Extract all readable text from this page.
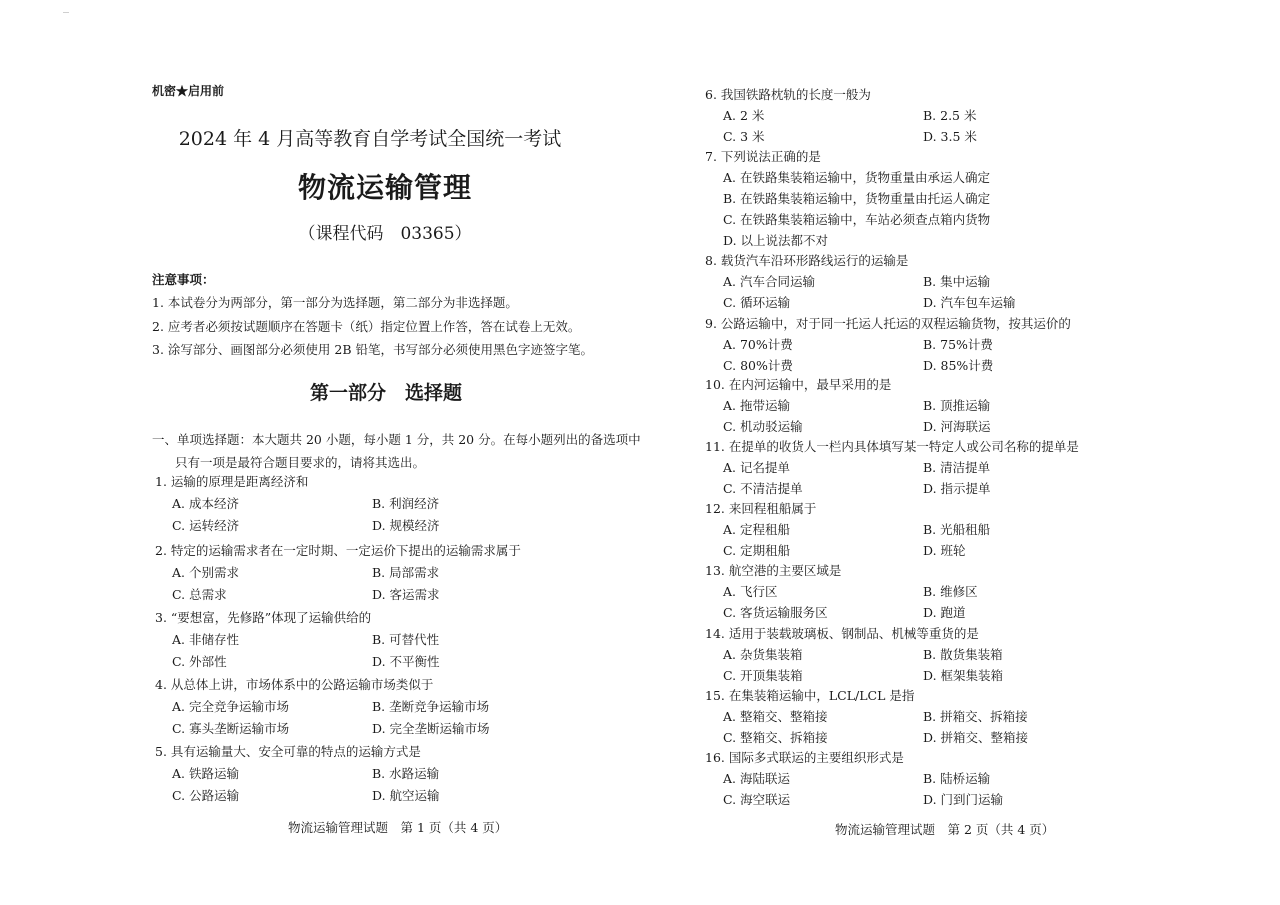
机密★启用前
2024 年 4 月高等教育自学考试全国统一考试
物流运输管理
（课程代码　03365）
注意事项：
1. 本试卷分为两部分，第一部分为选择题，第二部分为非选择题。
2. 应考者必须按试题顺序在答题卡（纸）指定位置上作答，答在试卷上无效。
3. 涂写部分、画图部分必须使用 2B 铅笔，书写部分必须使用黑色字迹签字笔。
第一部分　选择题
一、单项选择题：本大题共 20 小题，每小题 1 分，共 20 分。在每小题列出的备选项中
只有一项是最符合题目要求的，请将其选出。
1. 运输的原理是距离经济和
A. 成本经济	B. 利润经济
C. 运转经济	D. 规模经济
2. 特定的运输需求者在一定时期、一定运价下提出的运输需求属于
A. 个别需求	B. 局部需求
C. 总需求	D. 客运需求
3. “要想富，先修路”体现了运输供给的
A. 非储存性	B. 可替代性
C. 外部性	D. 不平衡性
4. 从总体上讲，市场体系中的公路运输市场类似于
A. 完全竞争运输市场	B. 垄断竞争运输市场
C. 寡头垄断运输市场	D. 完全垄断运输市场
5. 具有运输量大、安全可靠的特点的运输方式是
A. 铁路运输	B. 水路运输
C. 公路运输	D. 航空运输
物流运输管理试题　第 1 页（共 4 页）
6. 我国铁路枕轨的长度一般为
A. 2 米	B. 2.5 米
C. 3 米	D. 3.5 米
7. 下列说法正确的是
A. 在铁路集装箱运输中，货物重量由承运人确定
B. 在铁路集装箱运输中，货物重量由托运人确定
C. 在铁路集装箱运输中，车站必须查点箱内货物
D. 以上说法都不对
8. 载货汽车沿环形路线运行的运输是
A. 汽车合同运输	B. 集中运输
C. 循环运输	D. 汽车包车运输
9. 公路运输中，对于同一托运人托运的双程运输货物，按其运价的
A. 70%计费	B. 75%计费
C. 80%计费	D. 85%计费
10. 在内河运输中，最早采用的是
A. 拖带运输	B. 顶推运输
C. 机动驳运输	D. 河海联运
11. 在提单的收货人一栏内具体填写某一特定人或公司名称的提单是
A. 记名提单	B. 清洁提单
C. 不清洁提单	D. 指示提单
12. 来回程租船属于
A. 定程租船	B. 光船租船
C. 定期租船	D. 班轮
13. 航空港的主要区域是
A. 飞行区	B. 维修区
C. 客货运输服务区	D. 跑道
14. 适用于装载玻璃板、钢制品、机械等重货的是
A. 杂货集装箱	B. 散货集装箱
C. 开顶集装箱	D. 框架集装箱
15. 在集装箱运输中，LCL/LCL 是指
A. 整箱交、整箱接	B. 拼箱交、拆箱接
C. 整箱交、拆箱接	D. 拼箱交、整箱接
16. 国际多式联运的主要组织形式是
A. 海陆联运	B. 陆桥运输
C. 海空联运	D. 门到门运输
物流运输管理试题　第 2 页（共 4 页）
